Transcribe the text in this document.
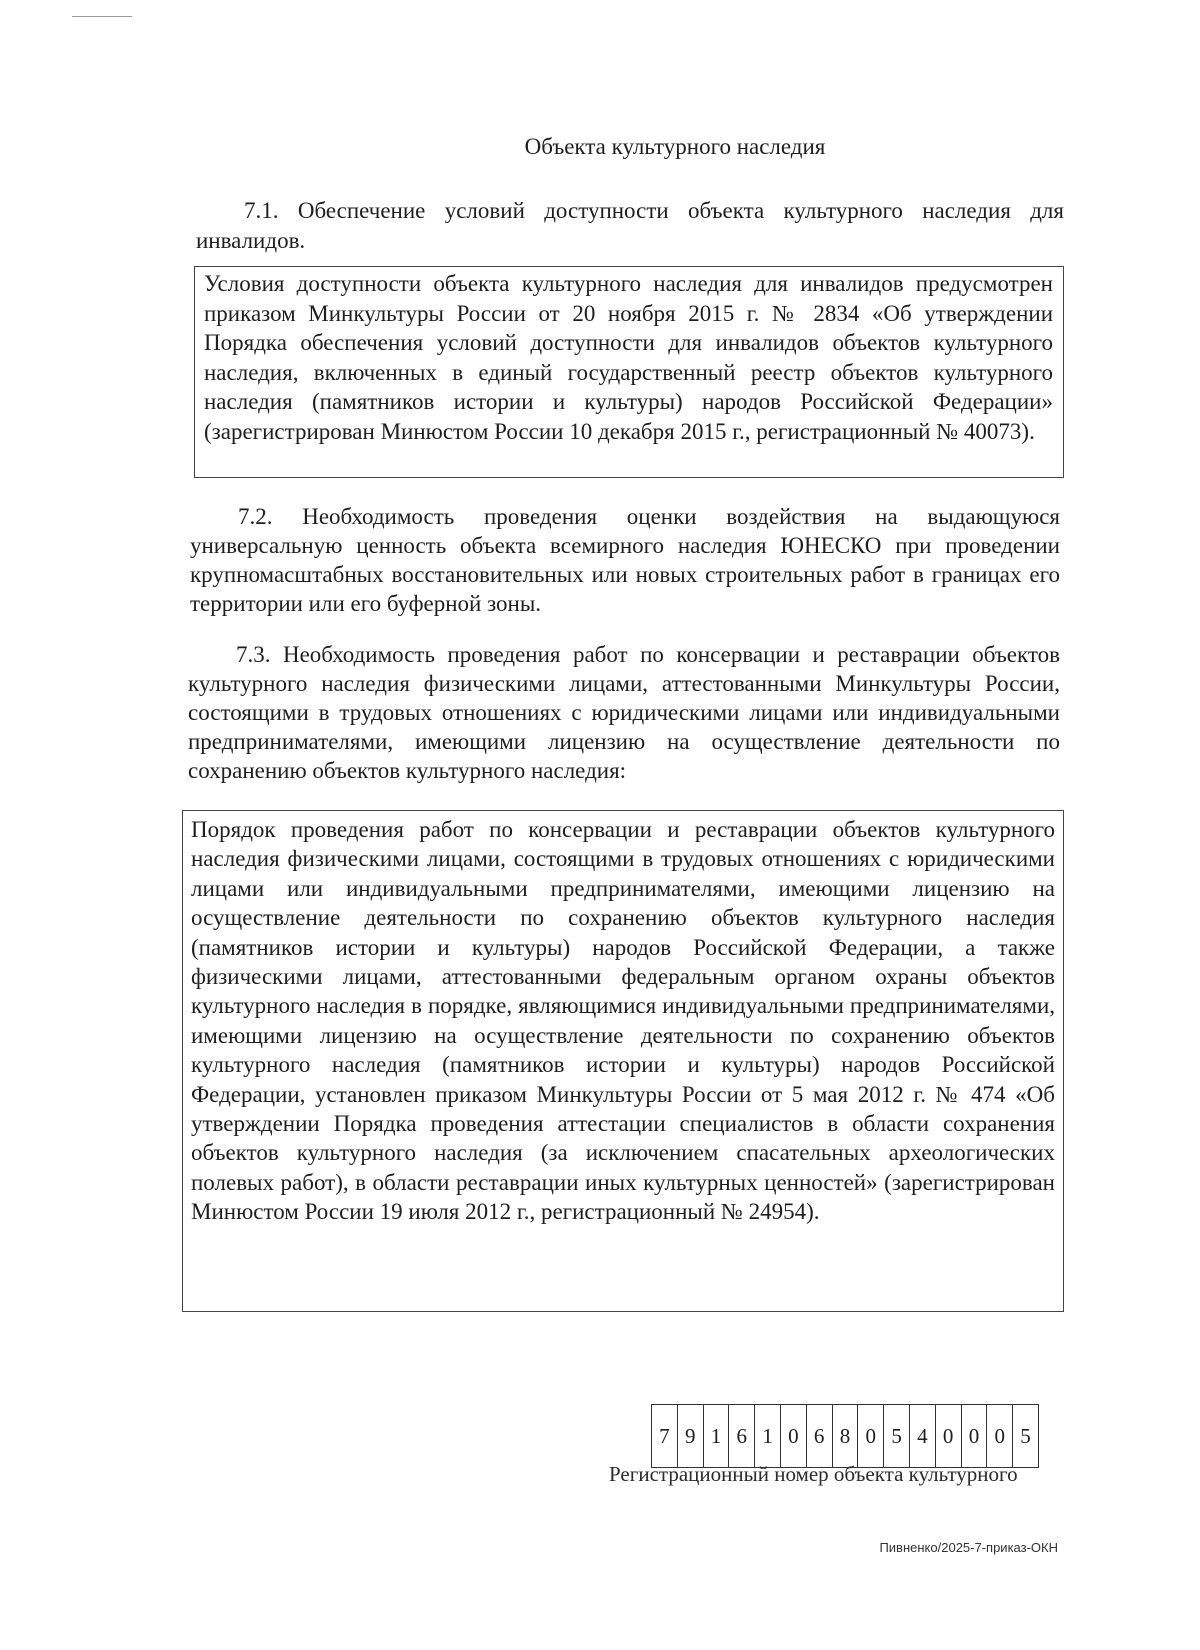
Объекта культурного наследия

7.1. Обеспечение условий доступности объекта культурного наследия для инвалидов.

Условия доступности объекта культурного наследия для инвалидов предусмотрен приказом Минкультуры России от 20 ноября 2015 г. № 2834 «Об утверждении Порядка обеспечения условий доступности для инвалидов объектов культурного наследия, включенных в единый государственный реестр объектов культурного наследия (памятников истории и культуры) народов Российской Федерации» (зарегистрирован Минюстом России 10 декабря 2015 г., регистрационный № 40073).

7.2. Необходимость проведения оценки воздействия на выдающуюся универсальную ценность объекта всемирного наследия ЮНЕСКО при проведении крупномасштабных восстановительных или новых строительных работ в границах его территории или его буферной зоны.

7.3. Необходимость проведения работ по консервации и реставрации объектов культурного наследия физическими лицами, аттестованными Минкультуры России, состоящими в трудовых отношениях с юридическими лицами или индивидуальными предпринимателями, имеющими лицензию на осуществление деятельности по сохранению объектов культурного наследия:

Порядок проведения работ по консервации и реставрации объектов культурного наследия физическими лицами, состоящими в трудовых отношениях с юридическими лицами или индивидуальными предпринимателями, имеющими лицензию на осуществление деятельности по сохранению объектов культурного наследия (памятников истории и культуры) народов Российской Федерации, а также физическими лицами, аттестованными федеральным органом охраны объектов культурного наследия в порядке, являющимися индивидуальными предпринимателями, имеющими лицензию на осуществление деятельности по сохранению объектов культурного наследия (памятников истории и культуры) народов Российской Федерации, установлен приказом Минкультуры России от 5 мая 2012 г. № 474 «Об утверждении Порядка проведения аттестации специалистов в области сохранения объектов культурного наследия (за исключением спасательных археологических полевых работ), в области реставрации иных культурных ценностей» (зарегистрирован Минюстом России 19 июля 2012 г., регистрационный № 24954).

7 9 1 6 1 0 6 8 0 5 4 0 0 0 5
Регистрационный номер объекта культурного
Пивненко/2025-7-приказ-ОКН
